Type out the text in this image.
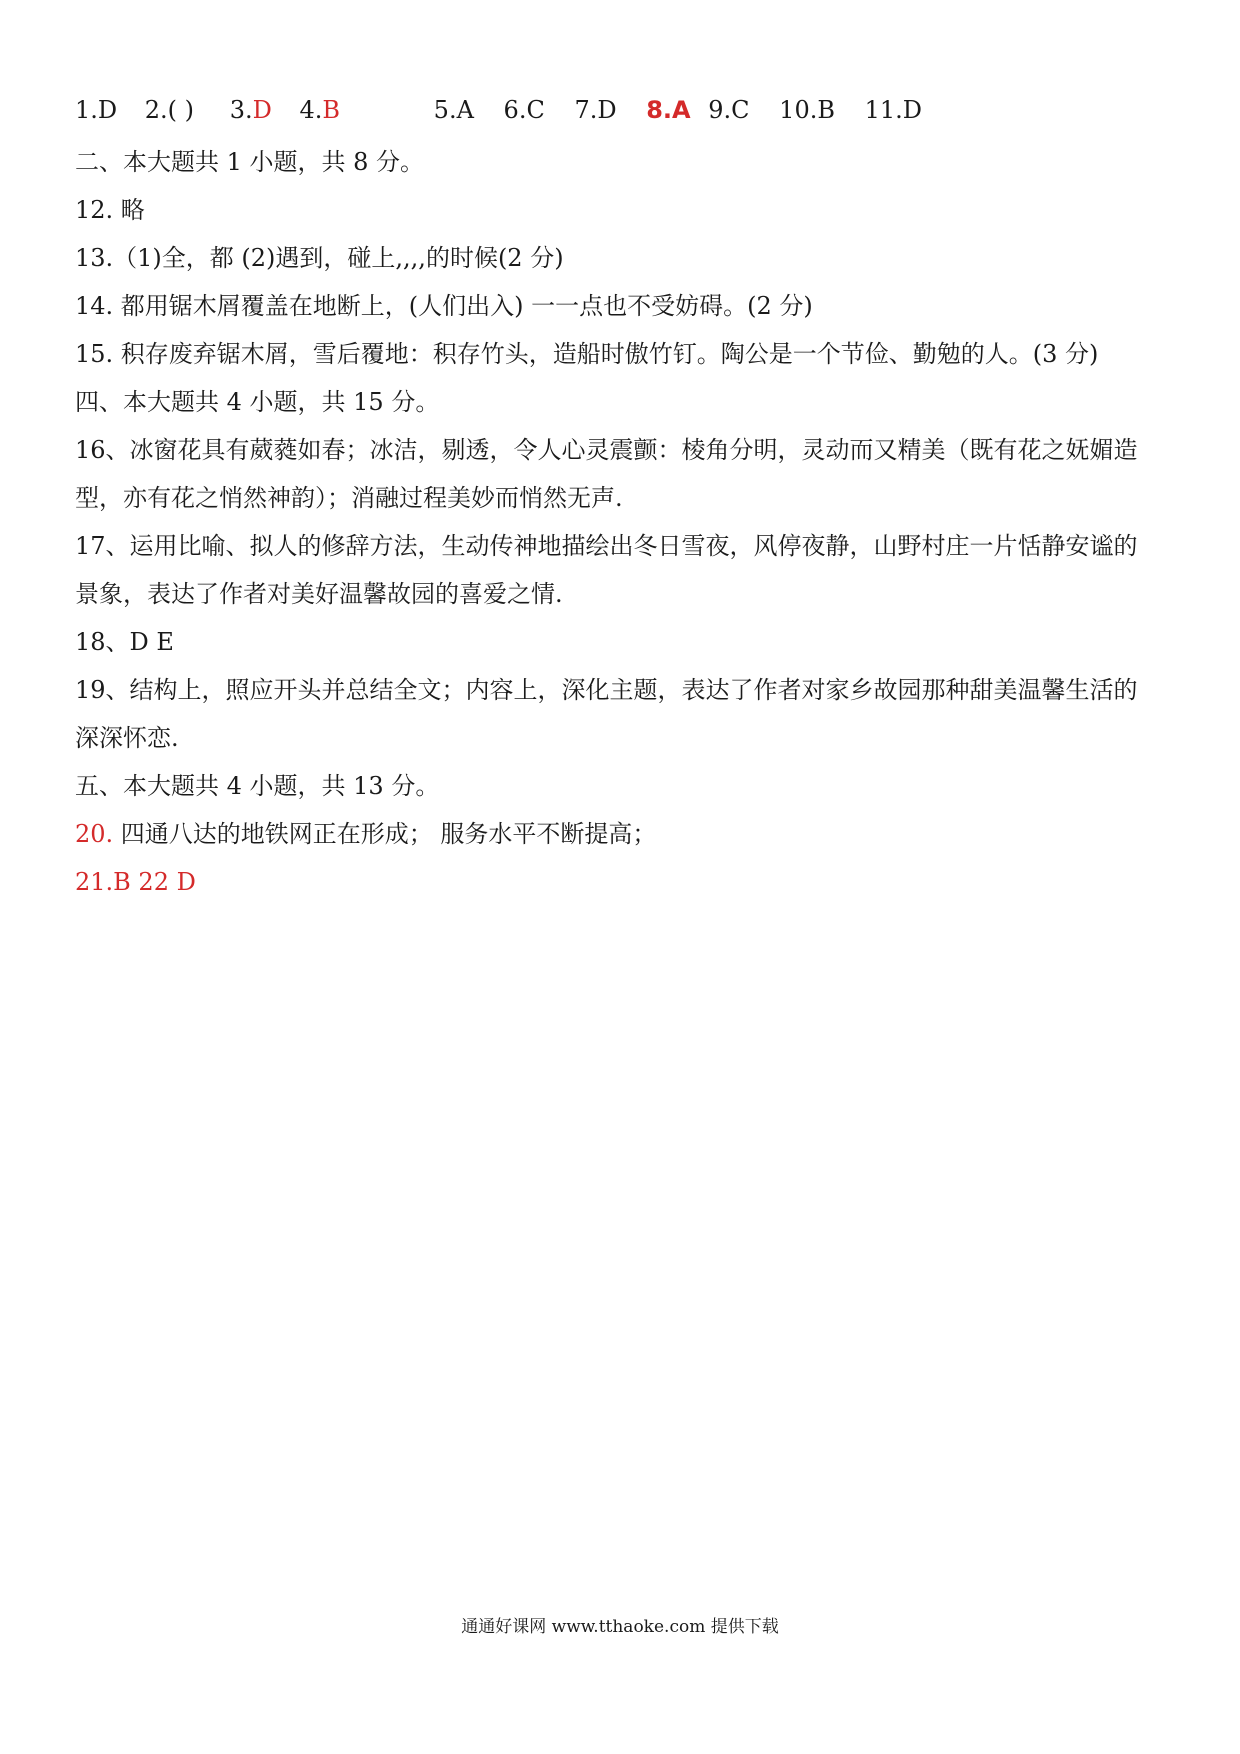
1.D 2.( ) 3.D 4.B	5.A 6.C 7.D 8.A 9.C 10.B 11.D
二、本大题共 1 小题，共 8 分。
12. 略
13.（1)全，都 (2)遇到，碰上,,,,的时候(2 分)
14. 都用锯木屑覆盖在地断上，(人们出入) 一一点也不受妨碍。(2 分)
15. 积存废弃锯木屑，雪后覆地：积存竹头，造船时傲竹钉。陶公是一个节俭、勤勉的人。(3 分)
四、本大题共 4 小题，共 15 分。
16、冰窗花具有葳蕤如春；冰洁，剔透，令人心灵震颤：棱角分明，灵动而又精美（既有花之妩媚造
型，亦有花之悄然神韵）；消融过程美妙而悄然无声.
17、运用比喻、拟人的修辞方法，生动传神地描绘出冬日雪夜，风停夜静，山野村庄一片恬静安谧的
景象，表达了作者对美好温馨故园的喜爱之情.
18、D E
19、结构上，照应开头并总结全文；内容上，深化主题，表达了作者对家乡故园那种甜美温馨生活的
深深怀恋.
五、本大题共 4 小题，共 13 分。
20. 四通八达的地铁网正在形成； 服务水平不断提高；
21.B 22 D
通通好课网 www.tthaoke.com 提供下载
